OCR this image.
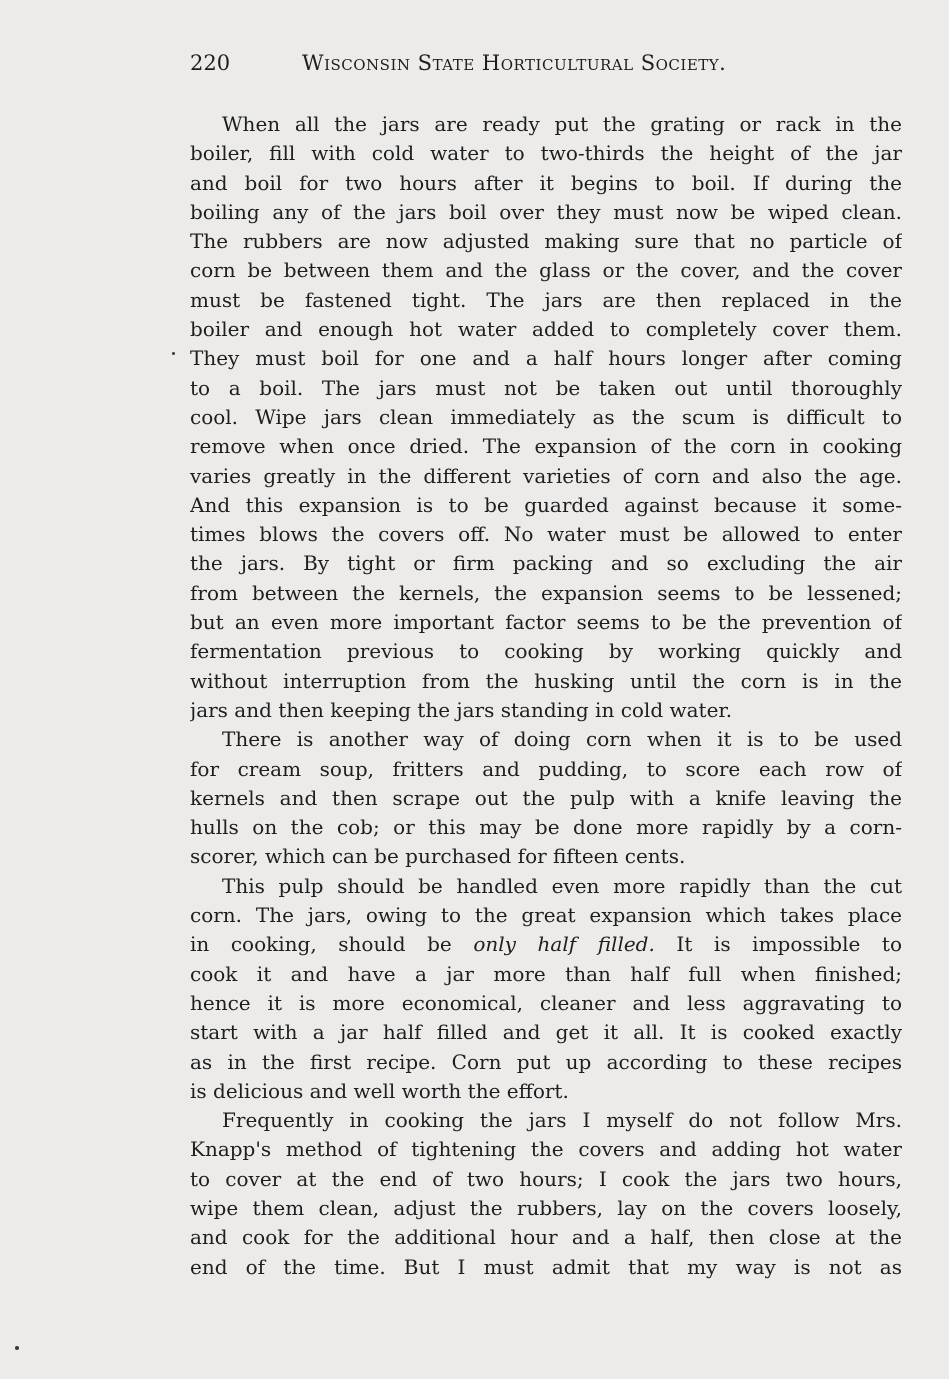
220	Wisconsin State Horticultural Society.
When all the jars are ready put the grating or rack in the
boiler, fill with cold water to two-thirds the height of the jar
and boil for two hours after it begins to boil. If during the
boiling any of the jars boil over they must now be wiped clean.
The rubbers are now adjusted making sure that no particle of
corn be between them and the glass or the cover, and the cover
must be fastened tight. The jars are then replaced in the
boiler and enough hot water added to completely cover them.
They must boil for one and a half hours longer after coming
to a boil. The jars must not be taken out until thoroughly
cool. Wipe jars clean immediately as the scum is difficult to
remove when once dried. The expansion of the corn in cooking
varies greatly in the different varieties of corn and also the age.
And this expansion is to be guarded against because it some-
times blows the covers off. No water must be allowed to enter
the jars. By tight or firm packing and so excluding the air
from between the kernels, the expansion seems to be lessened;
but an even more important factor seems to be the prevention of
fermentation previous to cooking by working quickly and
without interruption from the husking until the corn is in the
jars and then keeping the jars standing in cold water.
There is another way of doing corn when it is to be used
for cream soup, fritters and pudding, to score each row of
kernels and then scrape out the pulp with a knife leaving the
hulls on the cob; or this may be done more rapidly by a corn-
scorer, which can be purchased for fifteen cents.
This pulp should be handled even more rapidly than the cut
corn. The jars, owing to the great expansion which takes place
in cooking, should be only half filled. It is impossible to
cook it and have a jar more than half full when finished;
hence it is more economical, cleaner and less aggravating to
start with a jar half filled and get it all. It is cooked exactly
as in the first recipe. Corn put up according to these recipes
is delicious and well worth the effort.
Frequently in cooking the jars I myself do not follow Mrs.
Knapp's method of tightening the covers and adding hot water
to cover at the end of two hours; I cook the jars two hours,
wipe them clean, adjust the rubbers, lay on the covers loosely,
and cook for the additional hour and a half, then close at the
end of the time. But I must admit that my way is not as
